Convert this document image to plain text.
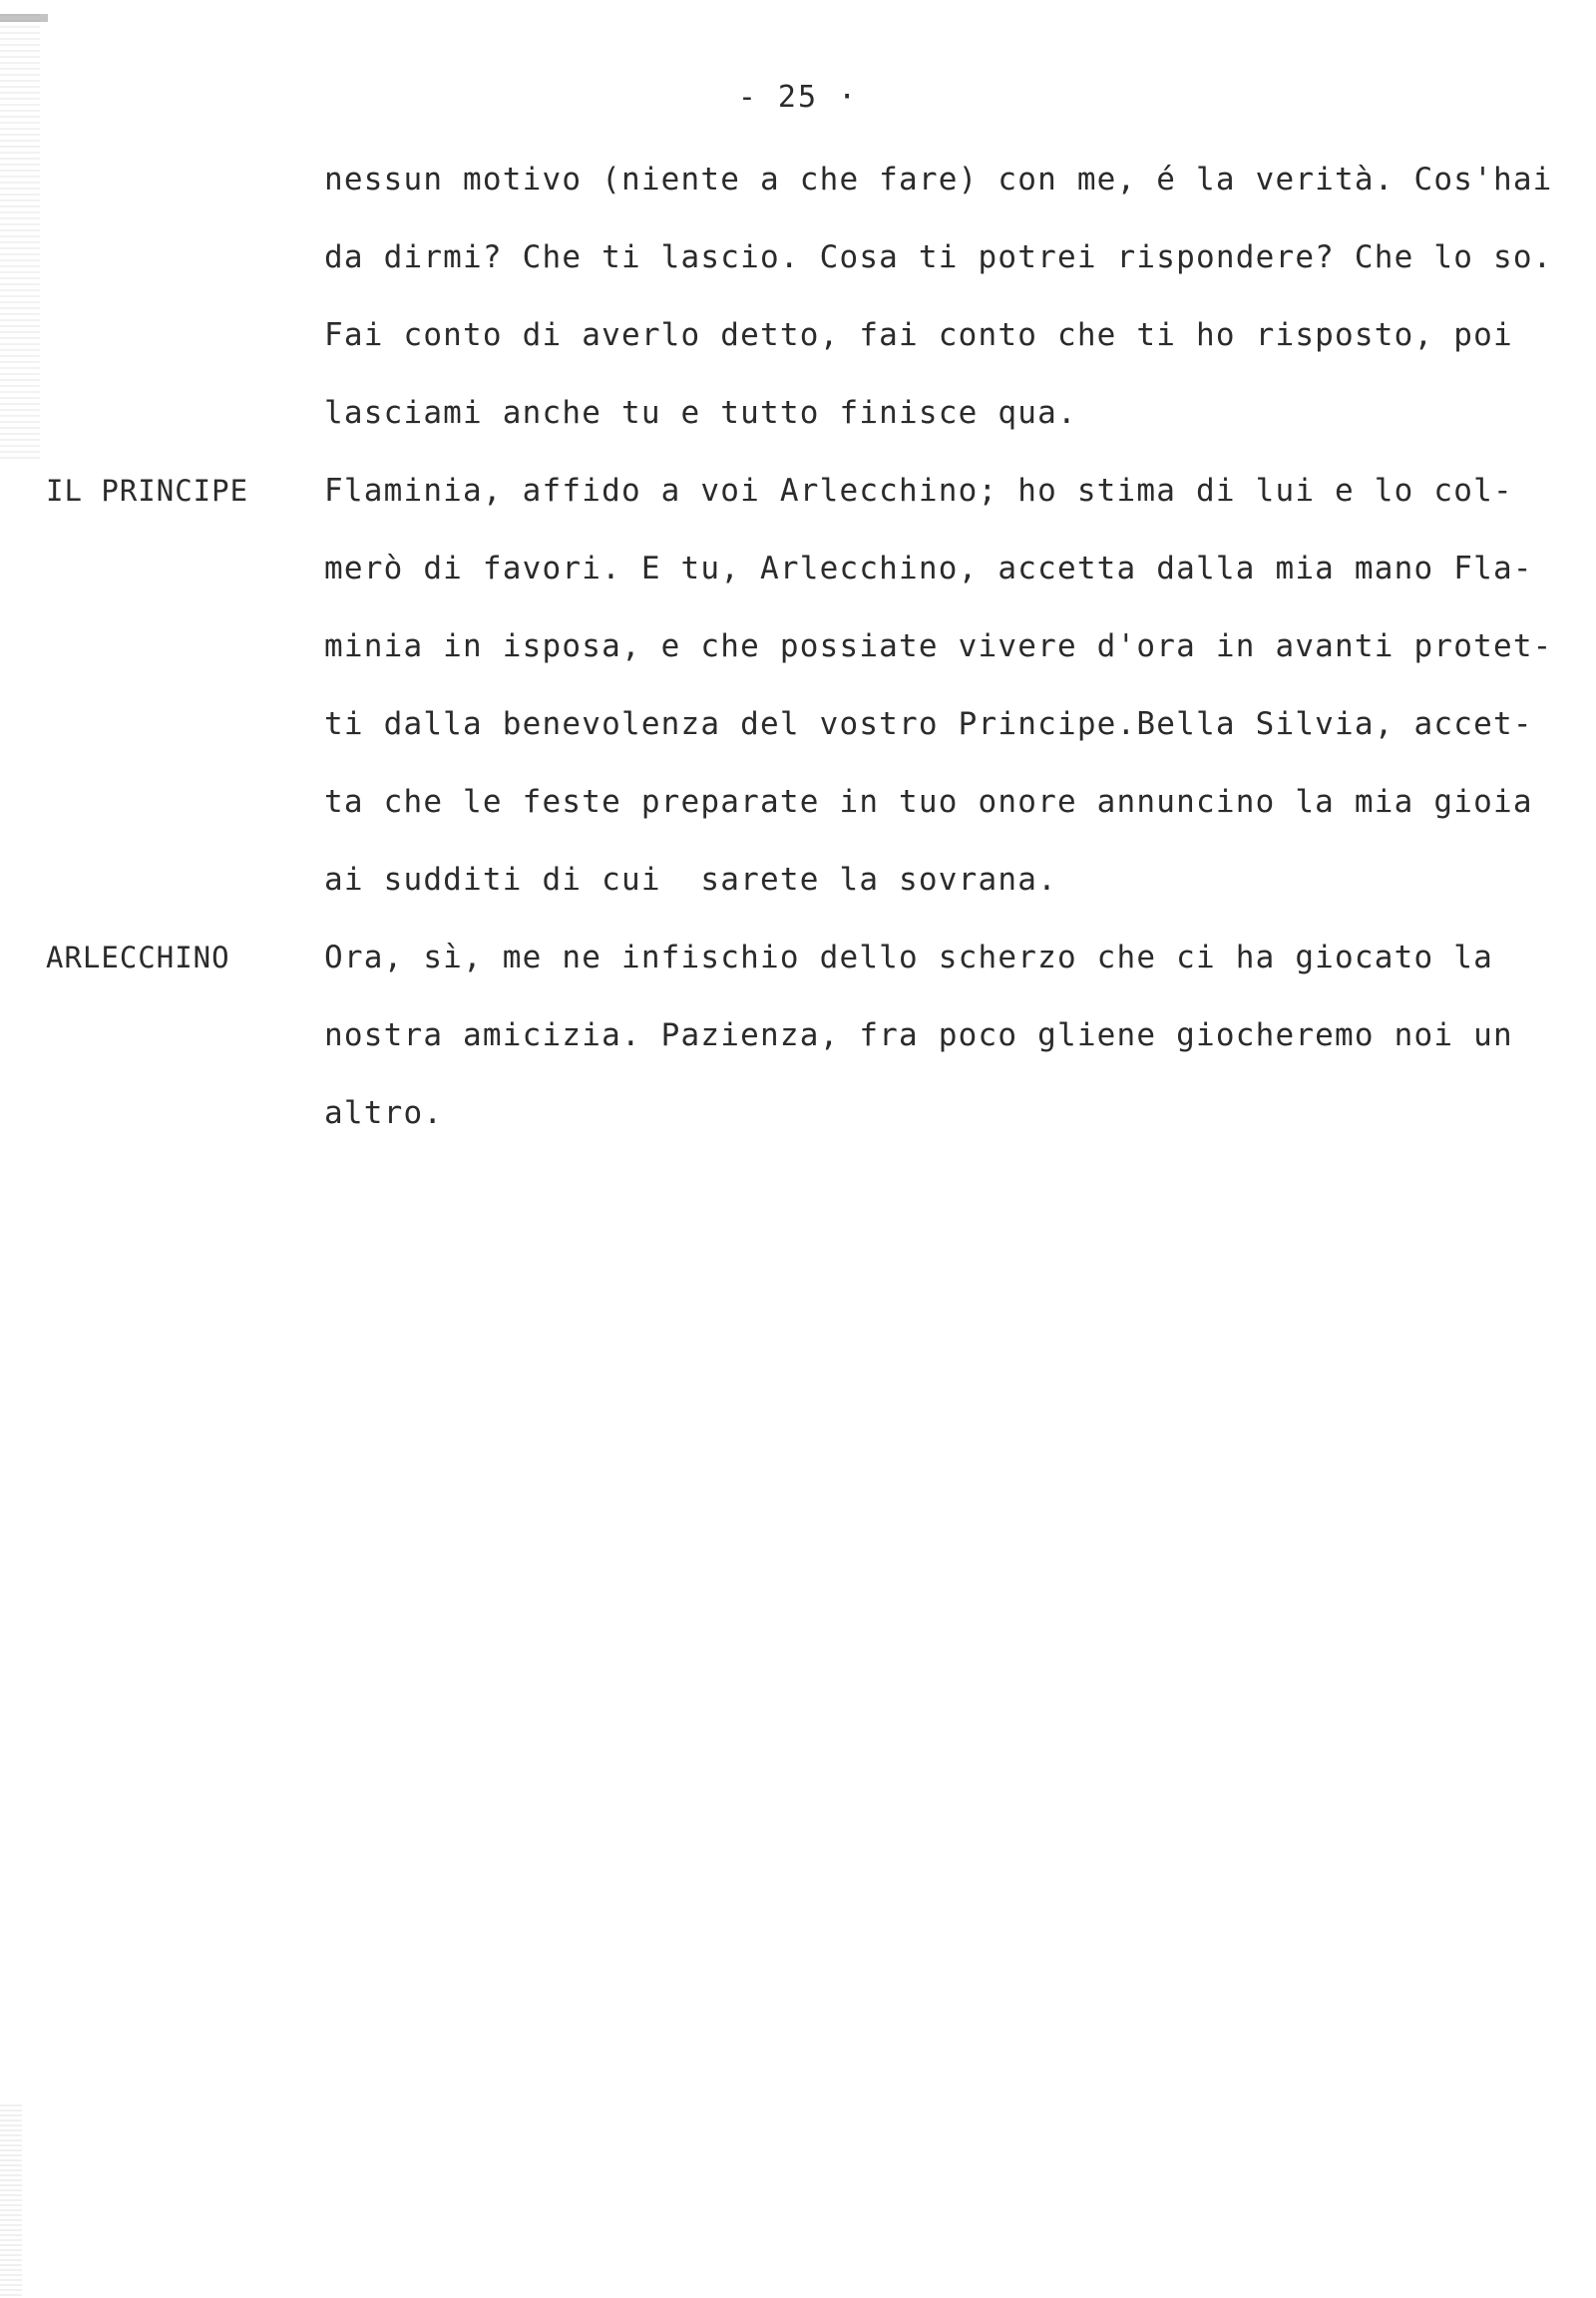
- 25 ·
nessun motivo (niente a che fare) con me, é la verità. Cos'hai
da dirmi? Che ti lascio. Cosa ti potrei rispondere? Che lo so.
Fai conto di averlo detto, fai conto che ti ho risposto, poi
lasciami anche tu e tutto finisce qua.
IL PRINCIPE Flaminia, affido a voi Arlecchino; ho stima di lui e lo col-
merò di favori. E tu, Arlecchino, accetta dalla mia mano Fla-
minia in isposa, e che possiate vivere d'ora in avanti protet-
ti dalla benevolenza del vostro Principe.Bella Silvia, accet-
ta che le feste preparate in tuo onore annuncino la mia gioia
ai sudditi di cui  sarete la sovrana.
ARLECCHINO	Ora, sì, me ne infischio dello scherzo che ci ha giocato la
nostra amicizia. Pazienza, fra poco gliene giocheremo noi un
altro.
